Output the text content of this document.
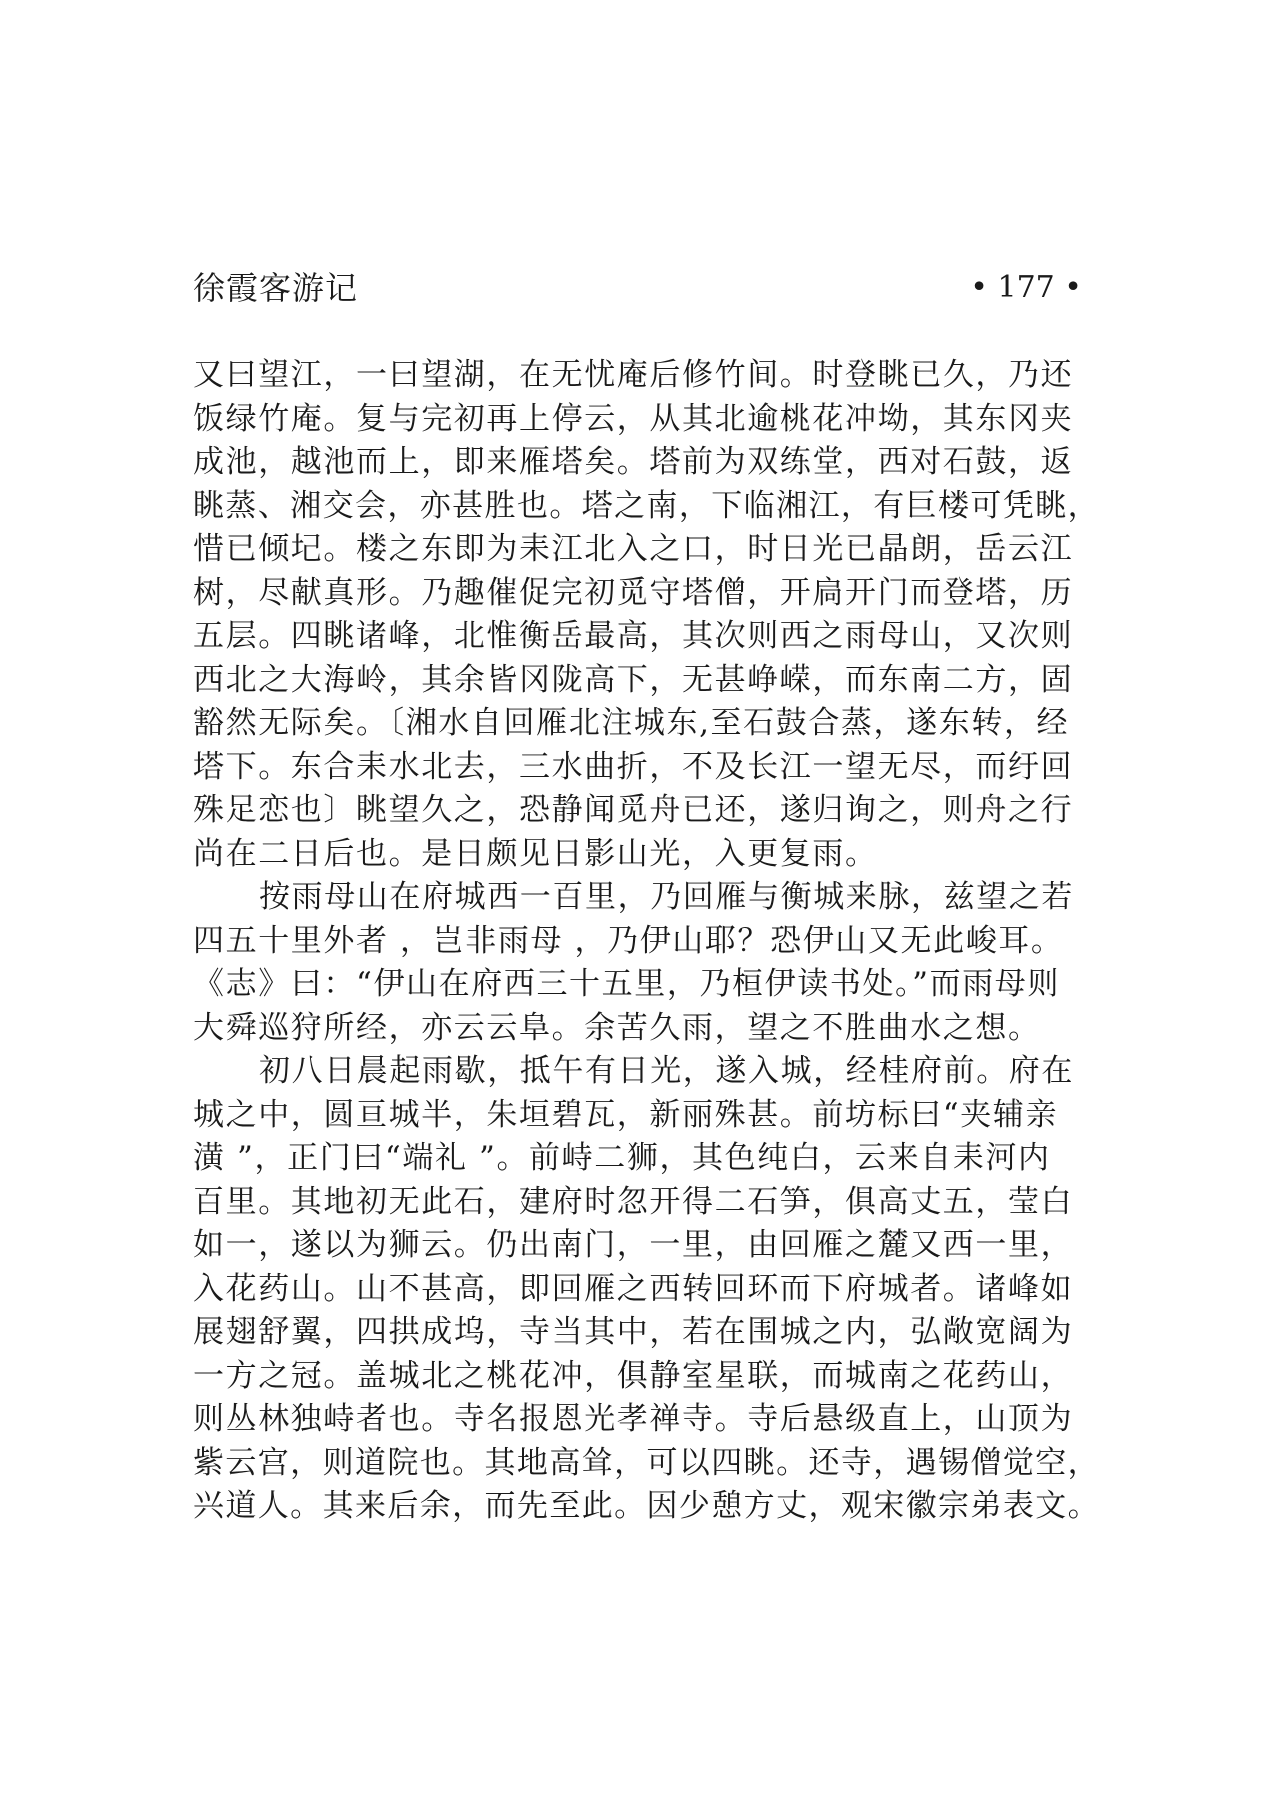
徐霞客游记	• 177 •
又曰望江，一曰望湖，在无忧庵后修竹间。时登眺已久，乃还
饭绿竹庵。复与完初再上停云，从其北逾桃花冲坳，其东冈夹
成池，越池而上，即来雁塔矣。塔前为双练堂，西对石鼓，返
眺蒸、湘交会，亦甚胜也。塔之南，下临湘江，有巨楼可凭眺，
惜已倾圮。楼之东即为耒江北入之口，时日光已晶朗，岳云江
树，尽献真形。乃趣催促完初觅守塔僧，开扃开门而登塔，历
五层。四眺诸峰，北惟衡岳最高，其次则西之雨母山，又次则
西北之大海岭，其余皆冈陇高下，无甚峥嵘，而东南二方，固
豁然无际矣。〔湘水自回雁北注城东,至石鼓合蒸，遂东转，经
塔下。东合耒水北去，三水曲折，不及长江一望无尽，而纡回
殊足恋也〕眺望久之，恐静闻觅舟已还，遂归询之，则舟之行
尚在二日后也。是日颇见日影山光，入更复雨。
按雨母山在府城西一百里，乃回雁与衡城来脉，兹望之若
四五十里外者 ，岂非雨母 ，乃伊山耶？恐伊山又无此峻耳。
《志》曰：“伊山在府西三十五里，乃桓伊读书处。”而雨母则
大舜巡狩所经，亦云云阜。余苦久雨，望之不胜曲水之想。
初八日晨起雨歇，抵午有日光，遂入城，经桂府前。府在
城之中，圆亘城半，朱垣碧瓦，新丽殊甚。前坊标曰“夹辅亲
潢 ”，正门曰“端礼 ”。前峙二狮，其色纯白，云来自耒河内
百里。其地初无此石，建府时忽开得二石笋，俱高丈五，莹白
如一，遂以为狮云。仍出南门，一里，由回雁之麓又西一里，
入花药山。山不甚高，即回雁之西转回环而下府城者。诸峰如
展翅舒翼，四拱成坞，寺当其中，若在围城之内，弘敞宽阔为
一方之冠。盖城北之桃花冲，俱静室星联，而城南之花药山，
则丛林独峙者也。寺名报恩光孝禅寺。寺后悬级直上，山顶为
紫云宫，则道院也。其地高耸，可以四眺。还寺，遇锡僧觉空，
兴道人。其来后余，而先至此。因少憩方丈，观宋徽宗弟表文。
